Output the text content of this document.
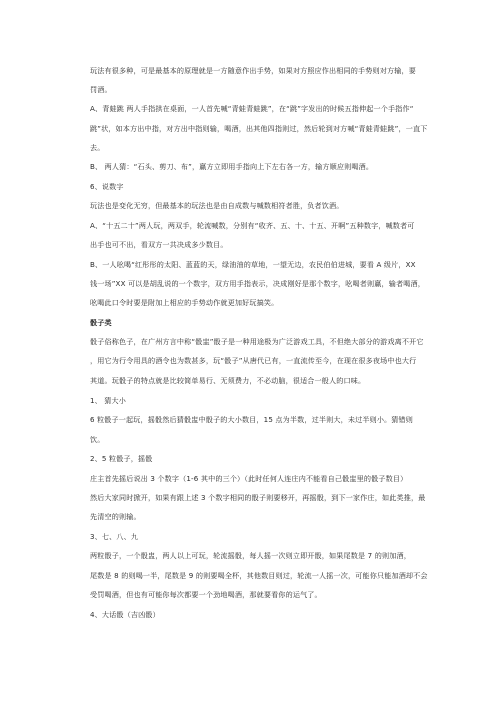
玩法有很多种，可是最基本的原理就是一方随意作出手势，如果对方照应作出相同的手势则对方输，要
罚酒。
A、青蛙跳 两人手指拱在桌面，一人首先喊“青蛙青蛙跳”，在“跳”字发出的时候五指伸起一个手指作“
跳”状，如本方出中指，对方出中指则输，喝酒，出其他四指则过，然后轮到对方喊“青蛙青蛙跳”，一直下
去。
B、 两人猜：“石头、剪刀、布”，赢方立即用手指向上下左右各一方，输方顺应则喝酒。
6、说数字
玩法也是变化无穷，但最基本的玩法也是由自成数与喊数相符者胜，负者饮酒。
A、“十五二十”两人玩，两双手，轮流喊数，分别有“收齐、五、十、十五、开啊”五种数字，喊数者可
出手也可不出，看双方一共决成多少数目。
B、一人吆喝“红彤彤的太阳、蓝蓝的天，绿油油的草地，一望无边，农民伯伯进城，要看 A 级片，XX
钱一场”XX 可以是胡乱说的一个数字，双方用手指表示，决成刚好是那个数字，吆喝者则赢，输者喝酒，
吆喝此口令时要是附加上相应的手势动作就更加好玩搞笑。
骰子类
骰子俗称色子，在广州方言中称“骰盅”骰子是一种用途极为广泛游戏工具，不但绝大部分的游戏离不开它
，用它为行令用具的酒令也为数甚多，玩“骰子”从唐代已有，一直流传至今，在现在很多夜场中也大行
其道。玩骰子的特点就是比较简单易行、无须费力，不必动脑，很适合一般人的口味。
1、 猜大小
6 粒骰子一起玩，摇骰然后猜骰盅中骰子的大小数目，15 点为半数，过半则大，未过半则小。猜错则
饮。
2、5 粒骰子，摇骰
庄主首先摇后说出 3 个数字（1-6 其中的三个）（此时任何人连庄内不能看自己骰盅里的骰子数目）
然后大家同时掀开，如果有跟上述 3 个数字相同的骰子则要移开，再摇骰，到下一家作庄，如此类推，最
先清空的则输。
3、七、八、九
两粒骰子，一个骰盅，两人以上可玩，轮流摇骰，每人摇一次则立即开骰，如果尾数是 7 的则加酒，
尾数是 8 的则喝一半，尾数是 9 的则要喝全杯，其他数目则过，轮流一人摇一次，可能你只能加酒却不会
受罚喝酒，但也有可能你每次都要一个劲地喝酒，那就要看你的运气了。
4、大话骰（吉凶骰）
